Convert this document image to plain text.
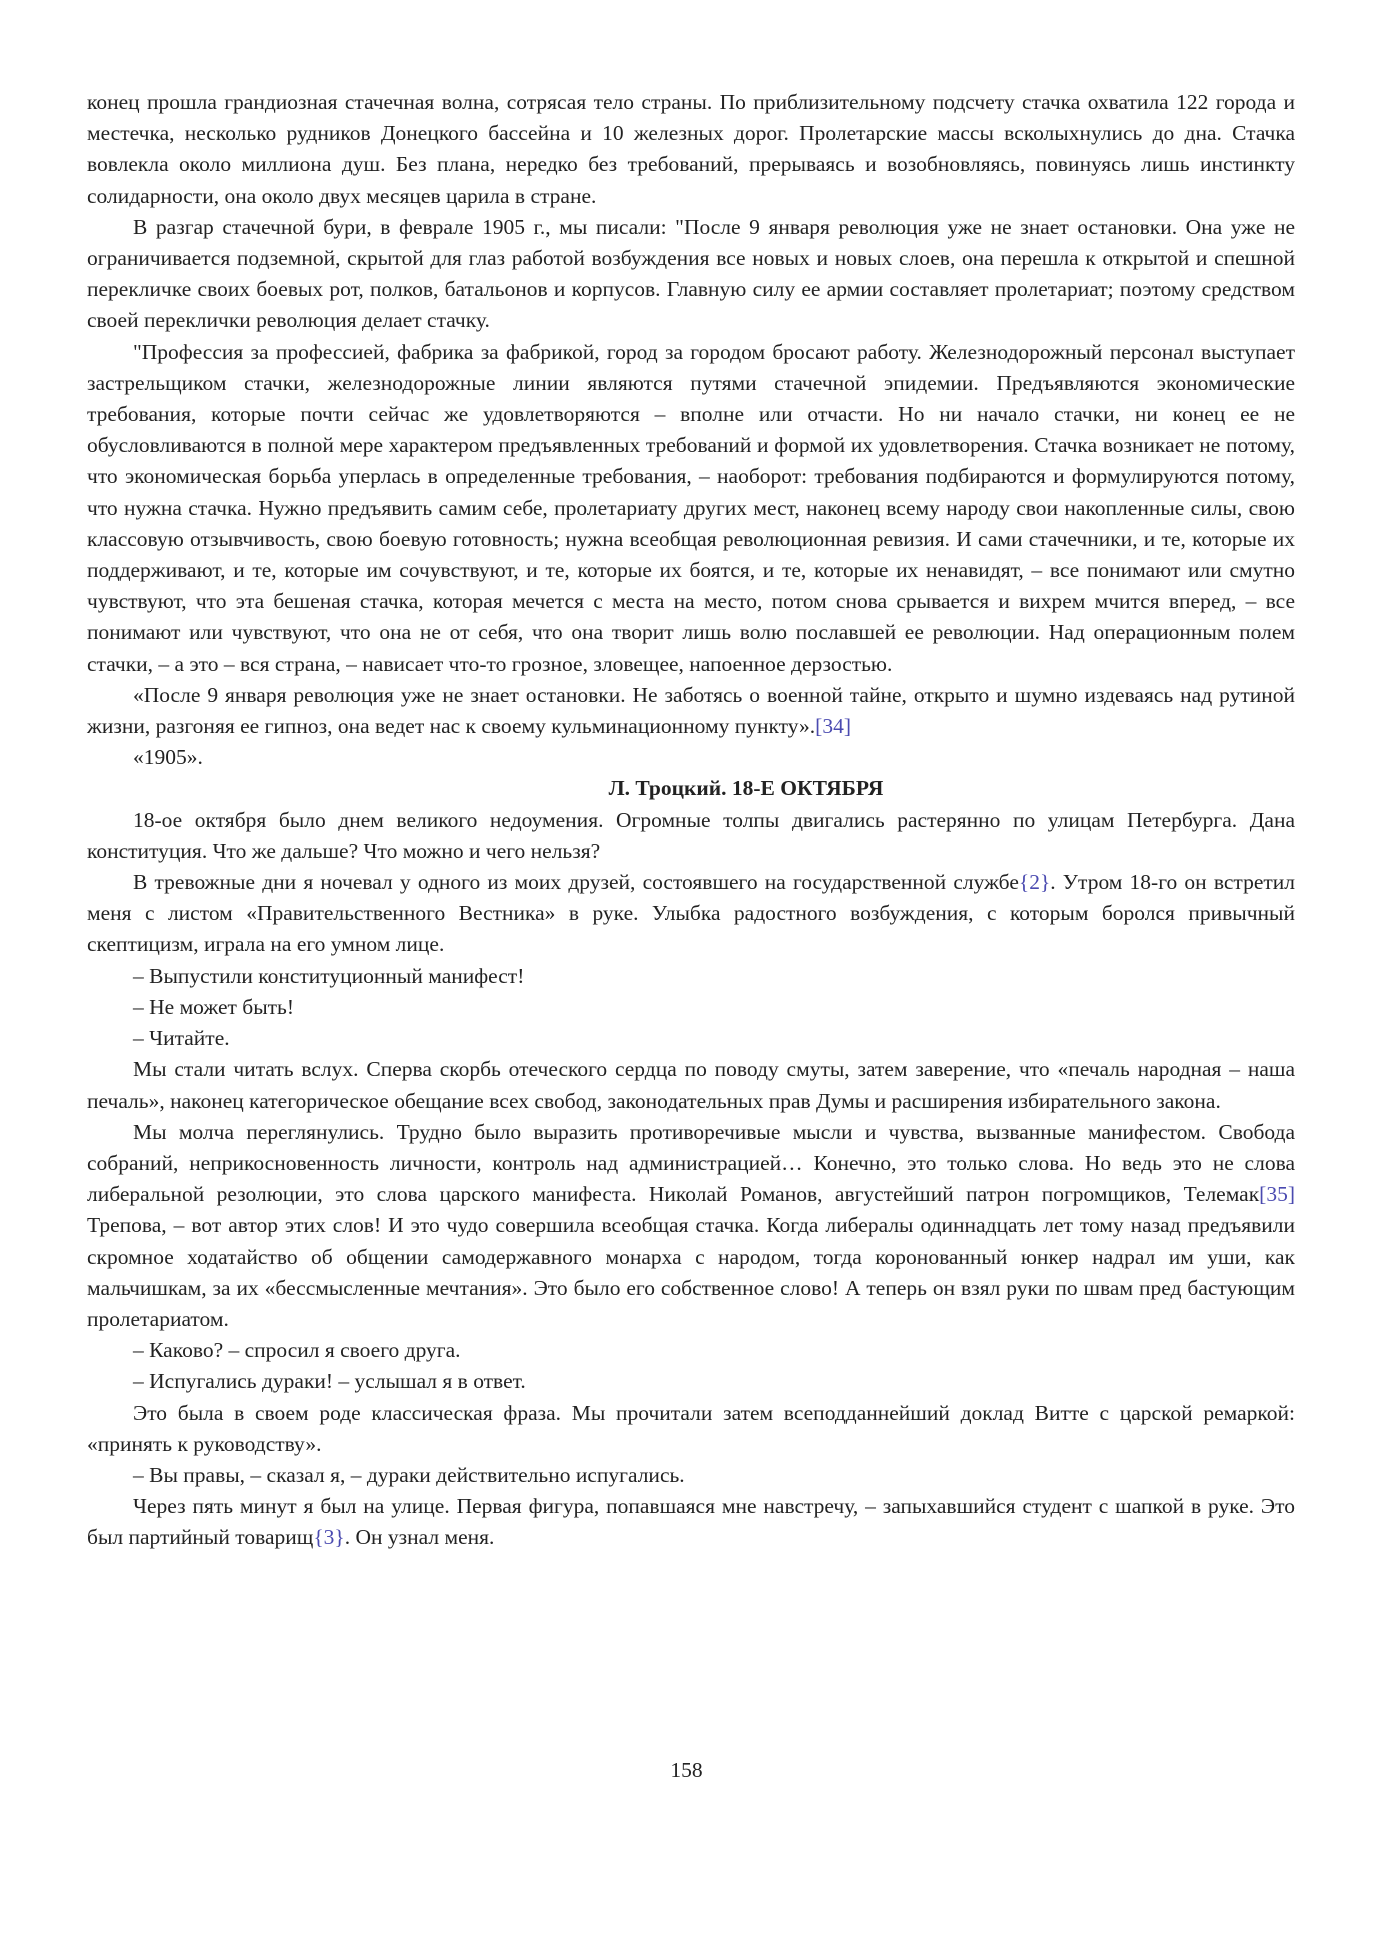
конец прошла грандиозная стачечная волна, сотрясая тело страны. По приблизительному подсчету стачка охватила 122 города и местечка, несколько рудников Донецкого бассейна и 10 железных дорог. Пролетарские массы всколыхнулись до дна. Стачка вовлекла около миллиона душ. Без плана, нередко без требований, прерываясь и возобновляясь, повинуясь лишь инстинкту солидарности, она около двух месяцев царила в стране.

В разгар стачечной бури, в феврале 1905 г., мы писали: "После 9 января революция уже не знает остановки. Она уже не ограничивается подземной, скрытой для глаз работой возбуждения все новых и новых слоев, она перешла к открытой и спешной перекличке своих боевых рот, полков, батальонов и корпусов. Главную силу ее армии составляет пролетариат; поэтому средством своей переклички революция делает стачку.

"Профессия за профессией, фабрика за фабрикой, город за городом бросают работу. Железнодорожный персонал выступает застрельщиком стачки, железнодорожные линии являются путями стачечной эпидемии. Предъявляются экономические требования, которые почти сейчас же удовлетворяются – вполне или отчасти. Но ни начало стачки, ни конец ее не обусловливаются в полной мере характером предъявленных требований и формой их удовлетворения. Стачка возникает не потому, что экономическая борьба уперлась в определенные требования, – наоборот: требования подбираются и формулируются потому, что нужна стачка. Нужно предъявить самим себе, пролетариату других мест, наконец всему народу свои накопленные силы, свою классовую отзывчивость, свою боевую готовность; нужна всеобщая революционная ревизия. И сами стачечники, и те, которые их поддерживают, и те, которые им сочувствуют, и те, которые их боятся, и те, которые их ненавидят, – все понимают или смутно чувствуют, что эта бешеная стачка, которая мечется с места на место, потом снова срывается и вихрем мчится вперед, – все понимают или чувствуют, что она не от себя, что она творит лишь волю пославшей ее революции. Над операционным полем стачки, – а это – вся страна, – нависает что-то грозное, зловещее, напоенное дерзостью.

«После 9 января революция уже не знает остановки. Не заботясь о военной тайне, открыто и шумно издеваясь над рутиной жизни, разгоняя ее гипноз, она ведет нас к своему кульминационному пункту».[34]

«1905».

Л. Троцкий. 18-Е ОКТЯБРЯ

18-ое октября было днем великого недоумения. Огромные толпы двигались растерянно по улицам Петербурга. Дана конституция. Что же дальше? Что можно и чего нельзя?

В тревожные дни я ночевал у одного из моих друзей, состоявшего на государственной службе{2}. Утром 18-го он встретил меня с листом «Правительственного Вестника» в руке. Улыбка радостного возбуждения, с которым боролся привычный скептицизм, играла на его умном лице.

– Выпустили конституционный манифест!

– Не может быть!

– Читайте.

Мы стали читать вслух. Сперва скорбь отеческого сердца по поводу смуты, затем заверение, что «печаль народная – наша печаль», наконец категорическое обещание всех свобод, законодательных прав Думы и расширения избирательного закона.

Мы молча переглянулись. Трудно было выразить противоречивые мысли и чувства, вызванные манифестом. Свобода собраний, неприкосновенность личности, контроль над администрацией… Конечно, это только слова. Но ведь это не слова либеральной резолюции, это слова царского манифеста. Николай Романов, августейший патрон погромщиков, Телемак[35] Трепова, – вот автор этих слов! И это чудо совершила всеобщая стачка. Когда либералы одиннадцать лет тому назад предъявили скромное ходатайство об общении самодержавного монарха с народом, тогда коронованный юнкер надрал им уши, как мальчишкам, за их «бессмысленные мечтания». Это было его собственное слово! А теперь он взял руки по швам пред бастующим пролетариатом.

– Каково? – спросил я своего друга.

– Испугались дураки! – услышал я в ответ.

Это была в своем роде классическая фраза. Мы прочитали затем всеподданнейший доклад Витте с царской ремаркой: «принять к руководству».

– Вы правы, – сказал я, – дураки действительно испугались.

Через пять минут я был на улице. Первая фигура, попавшаяся мне навстречу, – запыхавшийся студент с шапкой в руке. Это был партийный товарищ{3}. Он узнал меня.

158
